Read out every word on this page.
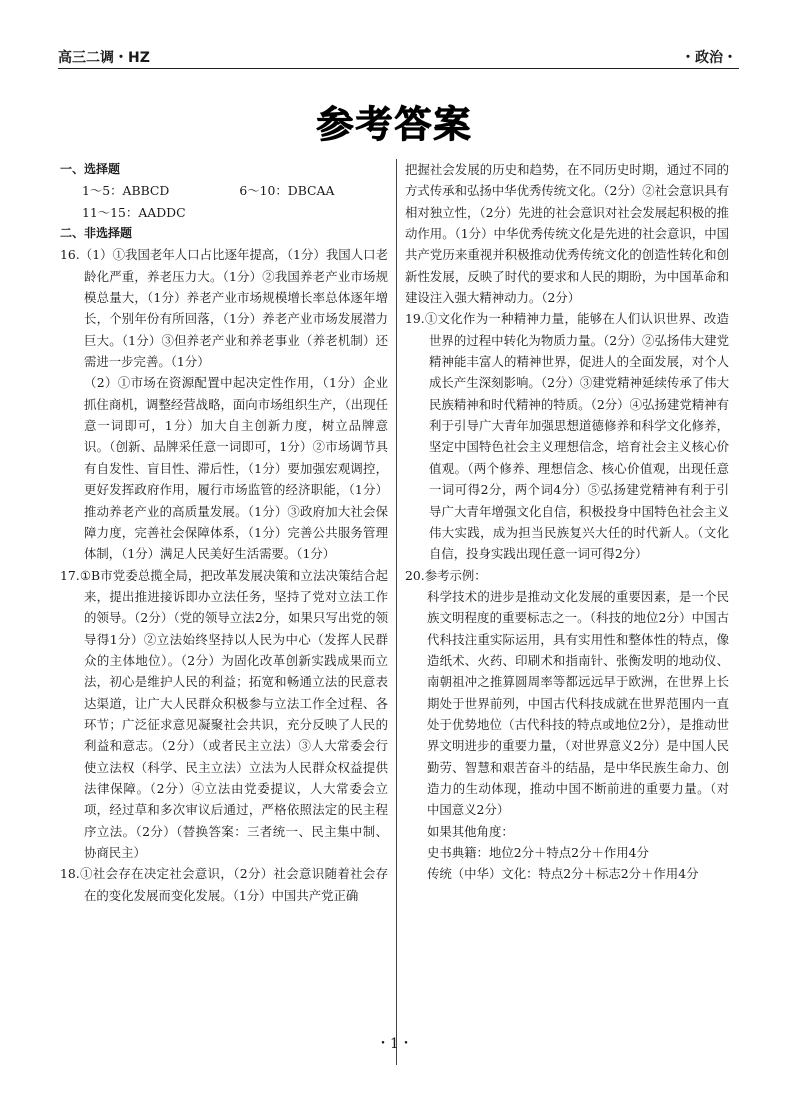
高三二调・HZ	・政治・
参考答案
一、选择题
1～5：ABBCD	6～10：DBCAA
11～15：AADDC
二、非选择题
16.（1）①我国老年人口占比逐年提高，（1分）我国人口老龄化严重，养老压力大。（1分）②我国养老产业市场规模总量大，（1分）养老产业市场规模增长率总体逐年增长，个别年份有所回落，（1分）养老产业市场发展潜力巨大。（1分）③但养老产业和养老事业（养老机制）还需进一步完善。（1分）
（2）①市场在资源配置中起决定性作用，（1分）企业抓住商机，调整经营战略，面向市场组织生产，（出现任意一词即可，1分）加大自主创新力度，树立品牌意识。（创新、品牌采任意一词即可，1分）②市场调节具有自发性、盲目性、滞后性，（1分）要加强宏观调控，更好发挥政府作用，履行市场监管的经济职能，（1分）推动养老产业的高质量发展。（1分）③政府加大社会保障力度，完善社会保障体系，（1分）完善公共服务管理体制，（1分）满足人民美好生活需要。（1分）
17.①B市党委总揽全局，把改革发展决策和立法决策结合起来，提出推进接诉即办立法任务，坚持了党对立法工作的领导。（2分）（党的领导立法2分，如果只写出党的领导得1分）②立法始终坚持以人民为中心（发挥人民群众的主体地位）。（2分）为固化改革创新实践成果而立法，初心是维护人民的利益；拓宽和畅通立法的民意表达渠道，让广大人民群众积极参与立法工作全过程、各环节；广泛征求意见凝聚社会共识，充分反映了人民的利益和意志。（2分）（或者民主立法）③人大常委会行使立法权（科学、民主立法）立法为人民群众权益提供法律保障。（2分）④立法由党委提议，人大常委会立项，经过草和多次审议后通过，严格依照法定的民主程序立法。（2分）（替换答案：三者统一、民主集中制、协商民主）
18.①社会存在决定社会意识，（2分）社会意识随着社会存在的变化发展而变化发展。（1分）中国共产党正确
把握社会发展的历史和趋势，在不同历史时期，通过不同的方式传承和弘扬中华优秀传统文化。（2分）②社会意识具有相对独立性，（2分）先进的社会意识对社会发展起积极的推动作用。（1分）中华优秀传统文化是先进的社会意识，中国共产党历来重视并积极推动优秀传统文化的创造性转化和创新性发展，反映了时代的要求和人民的期盼，为中国革命和建设注入强大精神动力。（2分）
19.①文化作为一种精神力量，能够在人们认识世界、改造世界的过程中转化为物质力量。（2分）②弘扬伟大建党精神能丰富人的精神世界，促进人的全面发展，对个人成长产生深刻影响。（2分）③建党精神延续传承了伟大民族精神和时代精神的特质。（2分）④弘扬建党精神有利于引导广大青年加强思想道德修养和科学文化修养，坚定中国特色社会主义理想信念，培育社会主义核心价值观。（两个修养、理想信念、核心价值观，出现任意一词可得2分，两个词4分）⑤弘扬建党精神有利于引导广大青年增强文化自信，积极投身中国特色社会主义伟大实践，成为担当民族复兴大任的时代新人。（文化自信，投身实践出现任意一词可得2分）
20.参考示例：
科学技术的进步是推动文化发展的重要因素，是一个民族文明程度的重要标志之一。（科技的地位2分）中国古代科技注重实际运用，具有实用性和整体性的特点，像造纸术、火药、印刷术和指南针、张衡发明的地动仪、南朝祖冲之推算圆周率等都远远早于欧洲，在世界上长期处于世界前列，中国古代科技成就在世界范围内一直处于优势地位（古代科技的特点或地位2分），是推动世界文明进步的重要力量，（对世界意义2分）是中国人民勤劳、智慧和艰苦奋斗的结晶，是中华民族生命力、创造力的生动体现，推动中国不断前进的重要力量。（对中国意义2分）
如果其他角度：
史书典籍：地位2分＋特点2分＋作用4分
传统（中华）文化：特点2分＋标志2分＋作用4分
・1・
